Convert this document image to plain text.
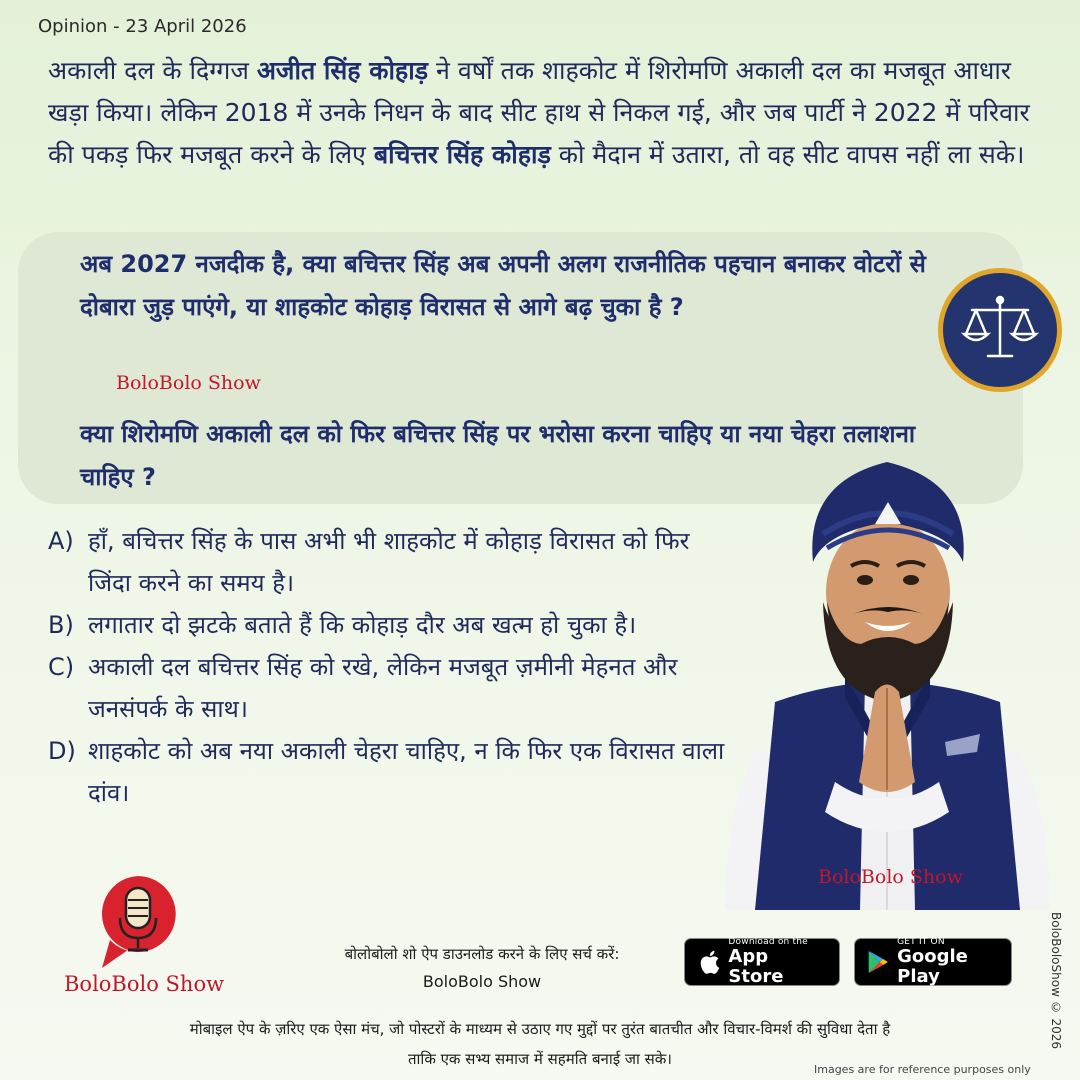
Opinion - 23 April 2026
अकाली दल के दिग्गज अजीत सिंह कोहाड़ ने वर्षों तक शाहकोट में शिरोमणि अकाली दल का मजबूत आधार खड़ा किया। लेकिन 2018 में उनके निधन के बाद सीट हाथ से निकल गई, और जब पार्टी ने 2022 में परिवार की पकड़ फिर मजबूत करने के लिए बचित्तर सिंह कोहाड़ को मैदान में उतारा, तो वह सीट वापस नहीं ला सके।
अब 2027 नजदीक है, क्या बचित्तर सिंह अब अपनी अलग राजनीतिक पहचान बनाकर वोटरों से दोबारा जुड़ पाएंगे, या शाहकोट कोहाड़ विरासत से आगे बढ़ चुका है ?
BoloBolo Show
क्या शिरोमणि अकाली दल को फिर बचित्तर सिंह पर भरोसा करना चाहिए या नया चेहरा तलाशना चाहिए ?
A) हाँ, बचित्तर सिंह के पास अभी भी शाहकोट में कोहाड़ विरासत को फिर जिंदा करने का समय है।
B) लगातार दो झटके बताते हैं कि कोहाड़ दौर अब खत्म हो चुका है।
C) अकाली दल बचित्तर सिंह को रखे, लेकिन मजबूत ज़मीनी मेहनत और जनसंपर्क के साथ।
D) शाहकोट को अब नया अकाली चेहरा चाहिए, न कि फिर एक विरासत वाला दांव।
BoloBolo Show
BoloBolo Show
बोलोबोलो शो ऐप डाउनलोड करने के लिए सर्च करें:
BoloBolo Show
Download on the
App Store
GET IT ON
Google Play
मोबाइल ऐप के ज़रिए एक ऐसा मंच, जो पोस्टरों के माध्यम से उठाए गए मुद्दों पर तुरंत बातचीत और विचार-विमर्श की सुविधा देता है
ताकि एक सभ्य समाज में सहमति बनाई जा सके।
BoloBoloShow © 2026
Images are for reference purposes only
